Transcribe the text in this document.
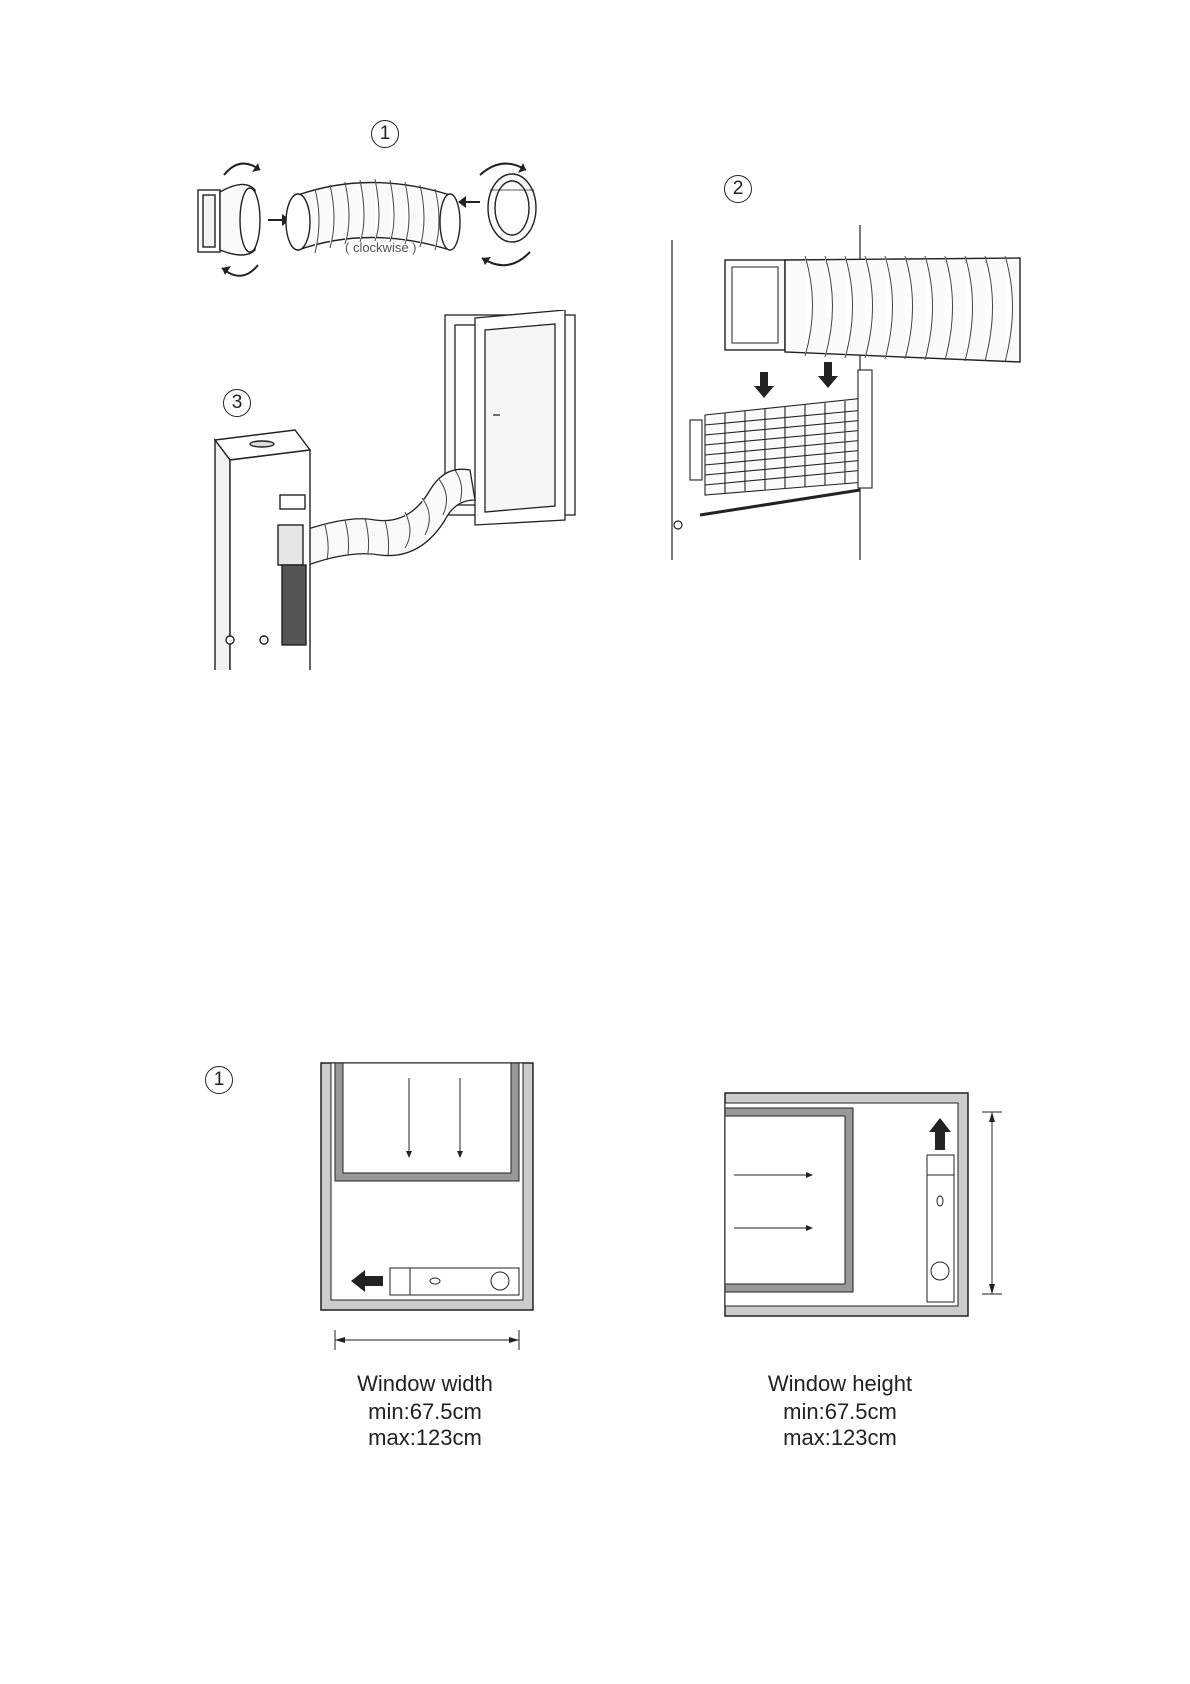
1
( clockwise )
2
3
1
Window width
min:67.5cm
max:123cm
Window height
min:67.5cm
max:123cm
